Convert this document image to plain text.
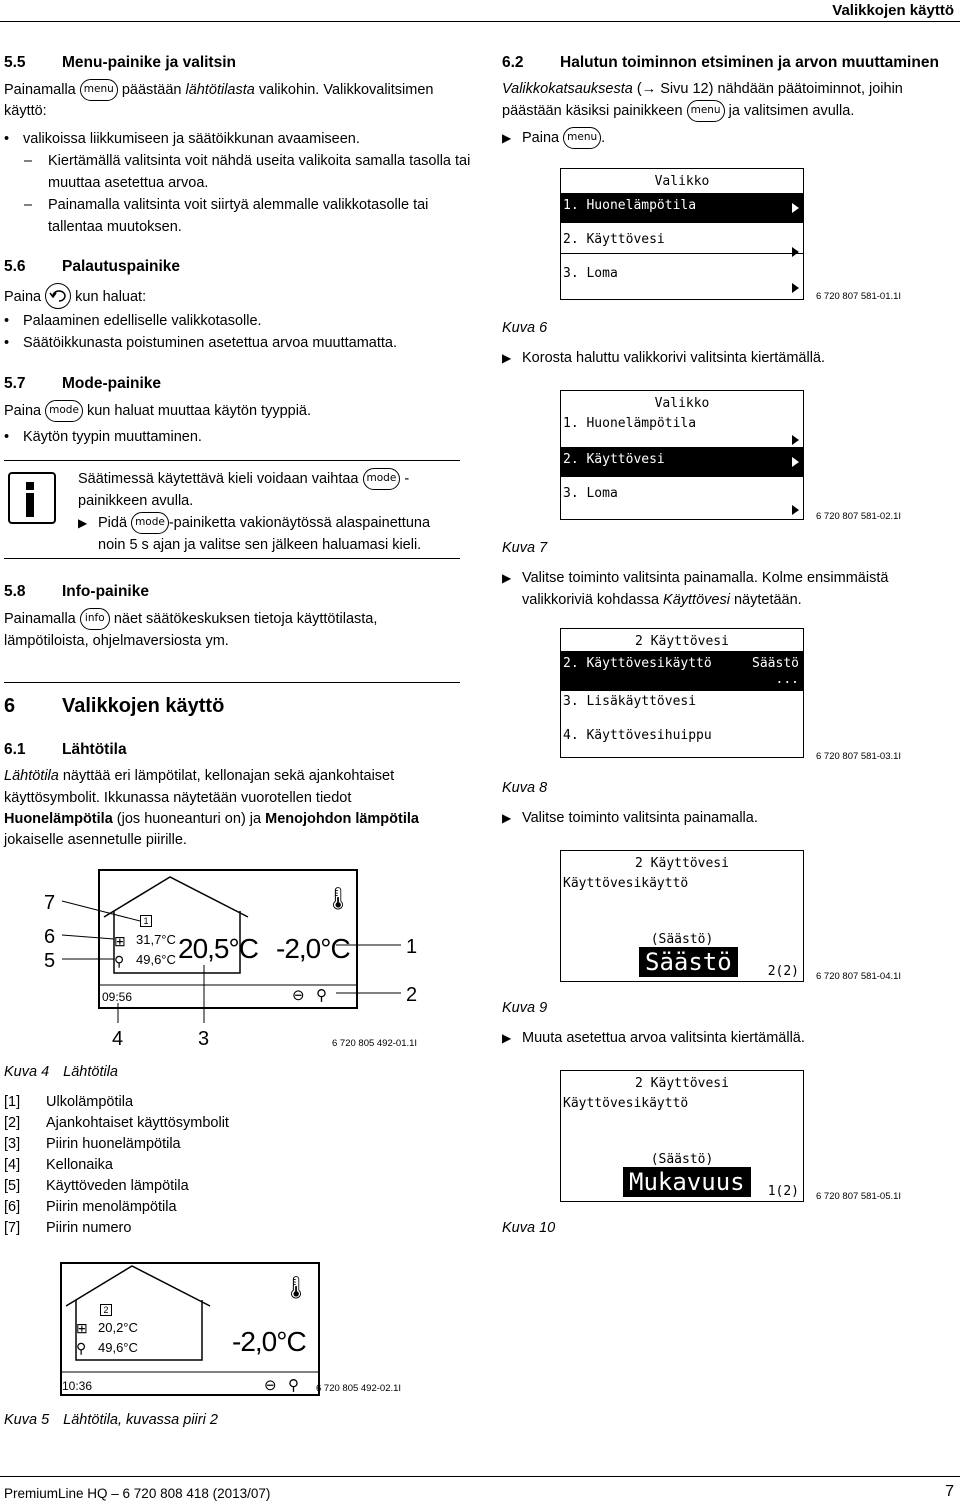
Valikkojen käyttö
5.5 Menu-painike ja valitsin
Painamalla menu päästään lähtötilasta valikohin. Valikkovalitsimen
käyttö:
• valikoissa liikkumiseen ja säätöikkunan avaamiseen.
– Kiertämällä valitsinta voit nähdä useita valikoita samalla tasolla tai
muuttaa asetettua arvoa.
– Painamalla valitsinta voit siirtyä alemmalle valikkotasolle tai
tallentaa muutoksen.
5.6 Palautuspainike
Paina kun haluat:
• Palaaminen edelliselle valikkotasolle.
• Säätöikkunasta poistuminen asetettua arvoa muuttamatta.
5.7 Mode-painike
Paina mode kun haluat muuttaa käytön tyyppiä.
• Käytön tyypin muuttaminen.
Säätimessä käytettävä kieli voidaan vaihtaa mode -
painikkeen avulla.
▶ Pidä mode -painiketta vakionäytössä alaspainettuna
noin 5 s ajan ja valitse sen jälkeen haluamasi kieli.
5.8 Info-painike
Painamalla info näet säätökeskuksen tietoja käyttötilasta,
lämpötiloista, ohjelmaversiosta ym.
6 Valikkojen käyttö
6.1 Lähtötila
Lähtötila näyttää eri lämpötilat, kellonajan sekä ajankohtaiset
käyttösymbolit. Ikkunassa näytetään vuorotellen tiedot
Huonelämpötila (jos huoneanturi on) ja Menojohdon lämpötila
jokaiselle asennetulle piirille.
1
⊞ 31,7°C
⚲ 49,6°C 20,5°C -2,0°C
🌡
09:56	⊖ ⚲
7
6
5
1
2
4	3	6 720 805 492-01.1I
Kuva 4 Lähtötila
[1] Ulkolämpötila
[2] Ajankohtaiset käyttösymbolit
[3] Piirin huonelämpötila
[4] Kellonaika
[5] Käyttöveden lämpötila
[6] Piirin menolämpötila
[7] Piirin numero
2
⊞ 20,2°C
⚲ 49,6°C	-2,0°C
🌡
10:36	⊖ ⚲ 6 720 805 492-02.1I
Kuva 5 Lähtötila, kuvassa piiri 2
6.2 Halutun toiminnon etsiminen ja arvon muuttaminen
Valikkokatsauksesta (→ Sivu 12) nähdään päätoiminnot, joihin
päästään käsiksi painikkeen menu ja valitsimen avulla.
▶ Paina menu .
Valikko
1. Huonelämpötila
2. Käyttövesi
3. Loma
6 720 807 581-01.1I
Kuva 6
▶ Korosta haluttu valikkorivi valitsinta kiertämällä.
Valikko
1. Huonelämpötila
2. Käyttövesi
3. Loma
6 720 807 581-02.1I
Kuva 7
▶ Valitse toiminto valitsinta painamalla. Kolme ensimmäistä
valikkoriviä kohdassa Käyttövesi näytetään.
2 Käyttövesi
2. Käyttövesikäyttö	Säästö
...
3. Lisäkäyttövesi
4. Käyttövesihuippu
6 720 807 581-03.1I
Kuva 8
▶ Valitse toiminto valitsinta painamalla.
2 Käyttövesi
Käyttövesikäyttö
(Säästö)
Säästö	2(2) 6 720 807 581-04.1I
Kuva 9
▶ Muuta asetettua arvoa valitsinta kiertämällä.
2 Käyttövesi
Käyttövesikäyttö
(Säästö)
Mukavuus	1(2) 6 720 807 581-05.1I
Kuva 10
PremiumLine HQ – 6 720 808 418 (2013/07)	7
